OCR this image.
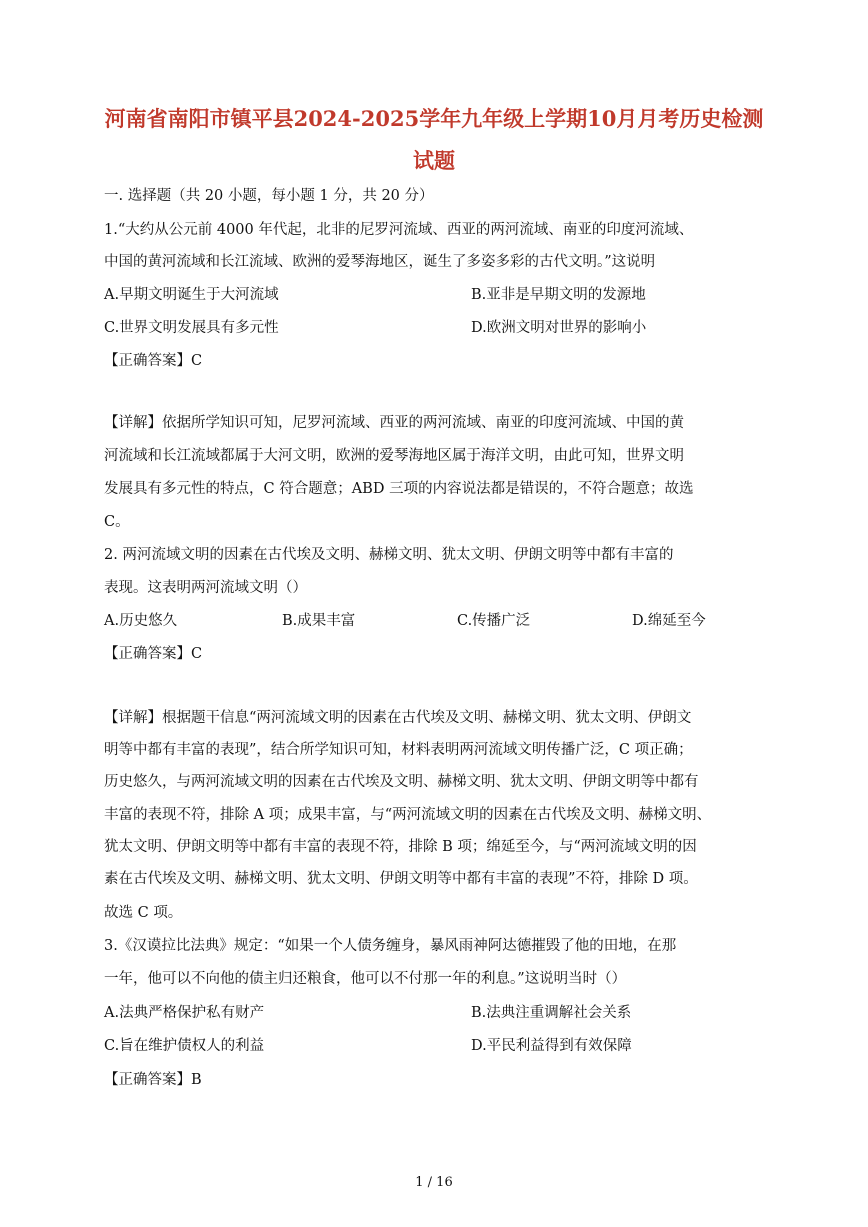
河南省南阳市镇平县2024-2025学年九年级上学期10月月考历史检测
试题
一. 选择题（共 20 小题，每小题 1 分，共 20 分）
1.“大约从公元前 4000 年代起，北非的尼罗河流域、西亚的两河流域、南亚的印度河流域、
中国的黄河流域和长江流域、欧洲的爱琴海地区，诞生了多姿多彩的古代文明。”这说明
A.早期文明诞生于大河流域	B.亚非是早期文明的发源地
C.世界文明发展具有多元性	D.欧洲文明对世界的影响小
【正确答案】C
【详解】依据所学知识可知，尼罗河流域、西亚的两河流域、南亚的印度河流域、中国的黄
河流域和长江流域都属于大河文明，欧洲的爱琴海地区属于海洋文明，由此可知，世界文明
发展具有多元性的特点，C 符合题意；ABD 三项的内容说法都是错误的，不符合题意；故选
C。
2. 两河流域文明的因素在古代埃及文明、赫梯文明、犹太文明、伊朗文明等中都有丰富的
表现。这表明两河流域文明（）
A.历史悠久	B.成果丰富	C.传播广泛	D.绵延至今
【正确答案】C
【详解】根据题干信息“两河流域文明的因素在古代埃及文明、赫梯文明、犹太文明、伊朗文
明等中都有丰富的表现”，结合所学知识可知，材料表明两河流域文明传播广泛，C 项正确；
历史悠久，与两河流域文明的因素在古代埃及文明、赫梯文明、犹太文明、伊朗文明等中都有
丰富的表现不符，排除 A 项；成果丰富，与“两河流域文明的因素在古代埃及文明、赫梯文明、
犹太文明、伊朗文明等中都有丰富的表现不符，排除 B 项；绵延至今，与“两河流域文明的因
素在古代埃及文明、赫梯文明、犹太文明、伊朗文明等中都有丰富的表现”不符，排除 D 项。
故选 C 项。
3.《汉谟拉比法典》规定：“如果一个人债务缠身，暴风雨神阿达德摧毁了他的田地，在那
一年，他可以不向他的债主归还粮食，他可以不付那一年的利息。”这说明当时（）
A.法典严格保护私有财产	B.法典注重调解社会关系
C.旨在维护债权人的利益	D.平民利益得到有效保障
【正确答案】B
1 / 16
